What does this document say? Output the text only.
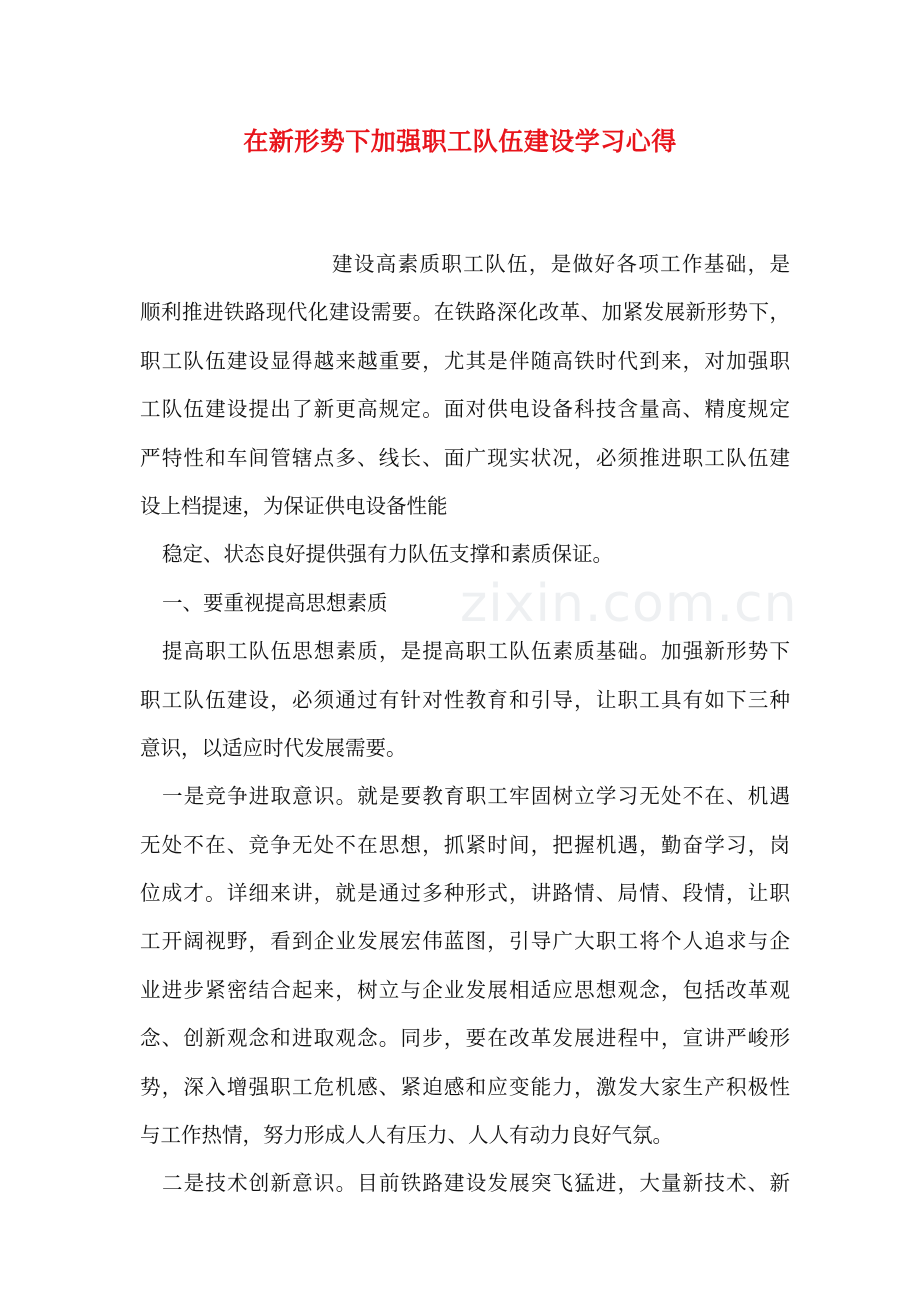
zixin.com.cn
在新形势下加强职工队伍建设学习心得
建设高素质职工队伍，是做好各项工作基础，是
顺利推进铁路现代化建设需要。在铁路深化改革、加紧发展新形势下，
职工队伍建设显得越来越重要，尤其是伴随高铁时代到来，对加强职
工队伍建设提出了新更高规定。面对供电设备科技含量高、精度规定
严特性和车间管辖点多、线长、面广现实状况，必须推进职工队伍建
设上档提速，为保证供电设备性能
稳定、状态良好提供强有力队伍支撑和素质保证。
一、要重视提高思想素质
提高职工队伍思想素质，是提高职工队伍素质基础。加强新形势下
职工队伍建设，必须通过有针对性教育和引导，让职工具有如下三种
意识，以适应时代发展需要。
一是竞争进取意识。就是要教育职工牢固树立学习无处不在、机遇
无处不在、竞争无处不在思想，抓紧时间，把握机遇，勤奋学习，岗
位成才。详细来讲，就是通过多种形式，讲路情、局情、段情，让职
工开阔视野，看到企业发展宏伟蓝图，引导广大职工将个人追求与企
业进步紧密结合起来，树立与企业发展相适应思想观念，包括改革观
念、创新观念和进取观念。同步，要在改革发展进程中，宣讲严峻形
势，深入增强职工危机感、紧迫感和应变能力，激发大家生产积极性
与工作热情，努力形成人人有压力、人人有动力良好气氛。
二是技术创新意识。目前铁路建设发展突飞猛进，大量新技术、新
